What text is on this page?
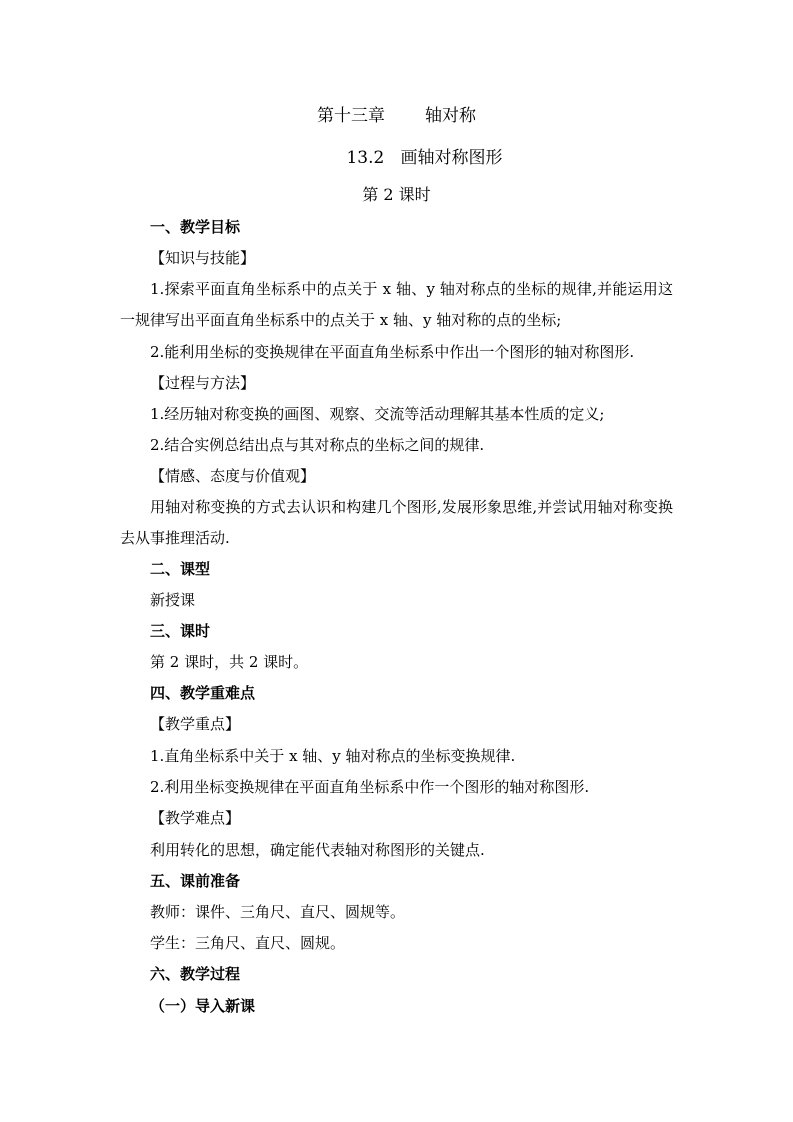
第十三章 轴对称
13.2 画轴对称图形
第 2 课时
一、教学目标
【知识与技能】
1.探索平面直角坐标系中的点关于 x 轴、y 轴对称点的坐标的规律,并能运用这一规律写出平面直角坐标系中的点关于 x 轴、y 轴对称的点的坐标;
2.能利用坐标的变换规律在平面直角坐标系中作出一个图形的轴对称图形.
【过程与方法】
1.经历轴对称变换的画图、观察、交流等活动理解其基本性质的定义;
2.结合实例总结出点与其对称点的坐标之间的规律.
【情感、态度与价值观】
用轴对称变换的方式去认识和构建几个图形,发展形象思维,并尝试用轴对称变换去从事推理活动.
二、课型
新授课
三、课时
第 2 课时，共 2 课时。
四、教学重难点
【教学重点】
1.直角坐标系中关于 x 轴、y 轴对称点的坐标变换规律.
2.利用坐标变换规律在平面直角坐标系中作一个图形的轴对称图形.
【教学难点】
利用转化的思想，确定能代表轴对称图形的关键点.
五、课前准备
教师：课件、三角尺、直尺、圆规等。
学生：三角尺、直尺、圆规。
六、教学过程
（一）导入新课
